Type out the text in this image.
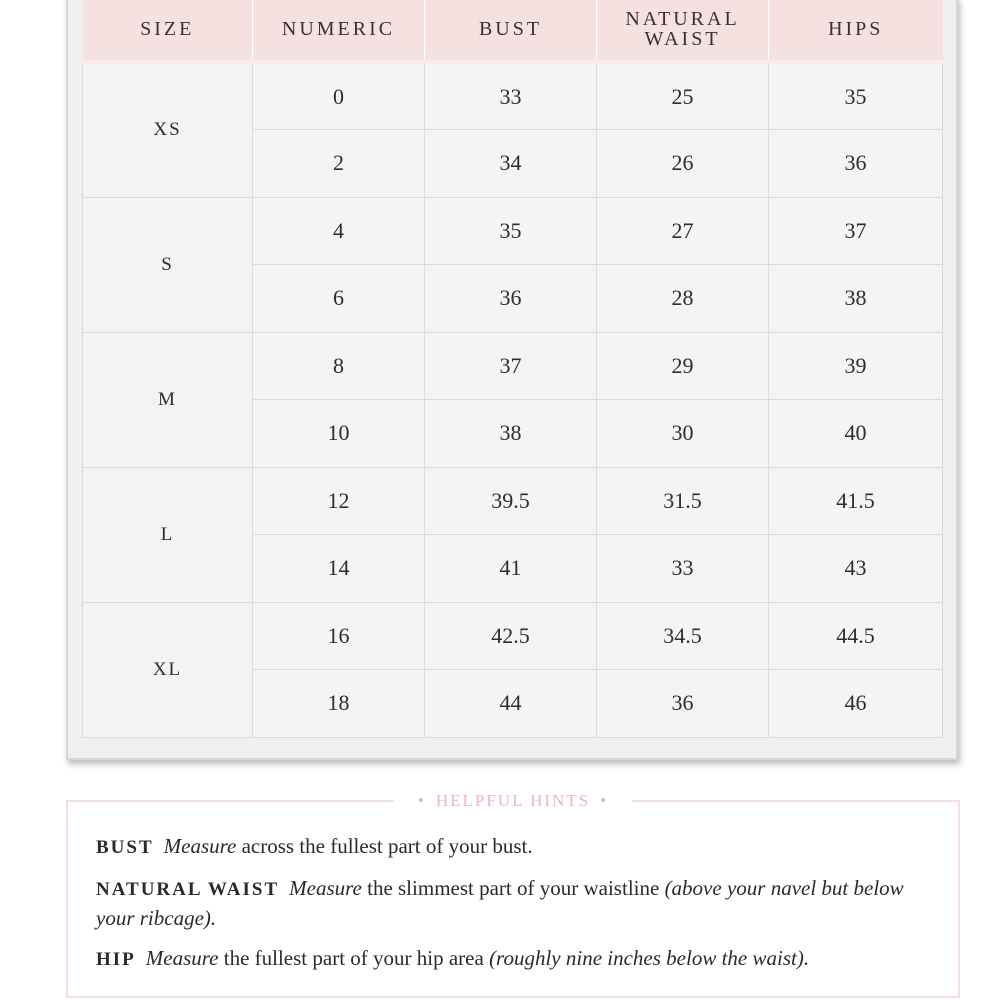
SIZE	NUMERIC	BUST	NATURAL WAIST	HIPS
XS	0	33	25	35
	2	34	26	36
S	4	35	27	37
	6	36	28	38
M	8	37	29	39
	10	38	30	40
L	12	39.5	31.5	41.5
	14	41	33	43
XL	16	42.5	34.5	44.5
	18	44	36	46
• HELPFUL HINTS •

BUST Measure across the fullest part of your bust.

NATURAL WAIST Measure the slimmest part of your waistline (above your navel but below your ribcage).

HIP Measure the fullest part of your hip area (roughly nine inches below the waist).
